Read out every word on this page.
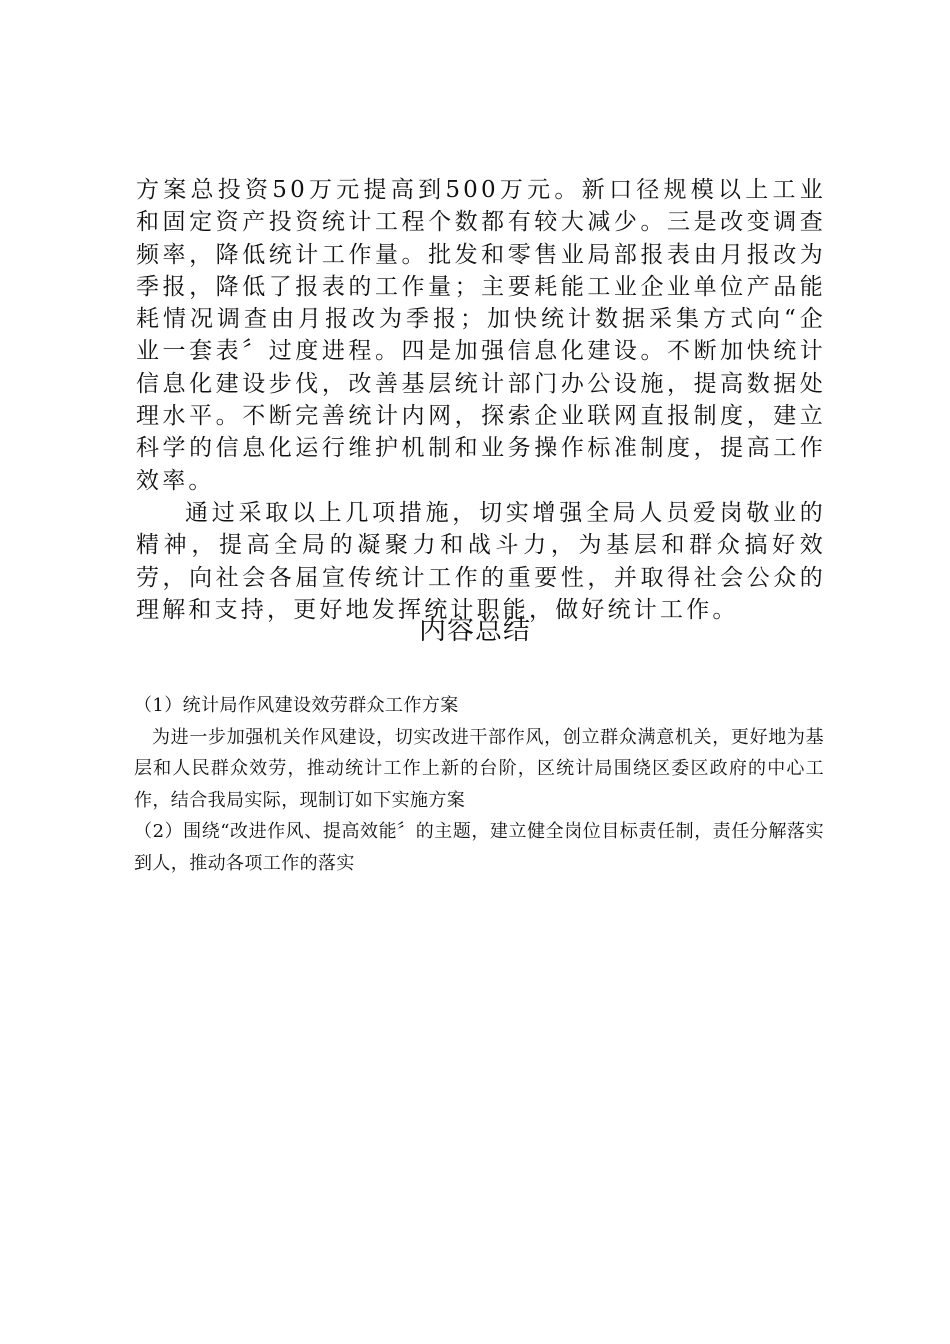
方案总投资50万元提高到500万元。新口径规模以上工业和固定资产投资统计工程个数都有较大减少。三是改变调查频率，降低统计工作量。批发和零售业局部报表由月报改为季报，降低了报表的工作量；主要耗能工业企业单位产品能耗情况调查由月报改为季报；加快统计数据采集方式向“企业一套表〞过度进程。四是加强信息化建设。不断加快统计信息化建设步伐，改善基层统计部门办公设施，提高数据处理水平。不断完善统计内网，探索企业联网直报制度，建立科学的信息化运行维护机制和业务操作标准制度，提高工作效率。

通过采取以上几项措施，切实增强全局人员爱岗敬业的精神，提高全局的凝聚力和战斗力，为基层和群众搞好效劳，向社会各届宣传统计工作的重要性，并取得社会公众的理解和支持，更好地发挥统计职能，做好统计工作。

内容总结

（1）统计局作风建设效劳群众工作方案

为进一步加强机关作风建设，切实改进干部作风，创立群众满意机关，更好地为基层和人民群众效劳，推动统计工作上新的台阶，区统计局围绕区委区政府的中心工作，结合我局实际，现制订如下实施方案

（2）围绕“改进作风、提高效能〞的主题，建立健全岗位目标责任制，责任分解落实到人，推动各项工作的落实
